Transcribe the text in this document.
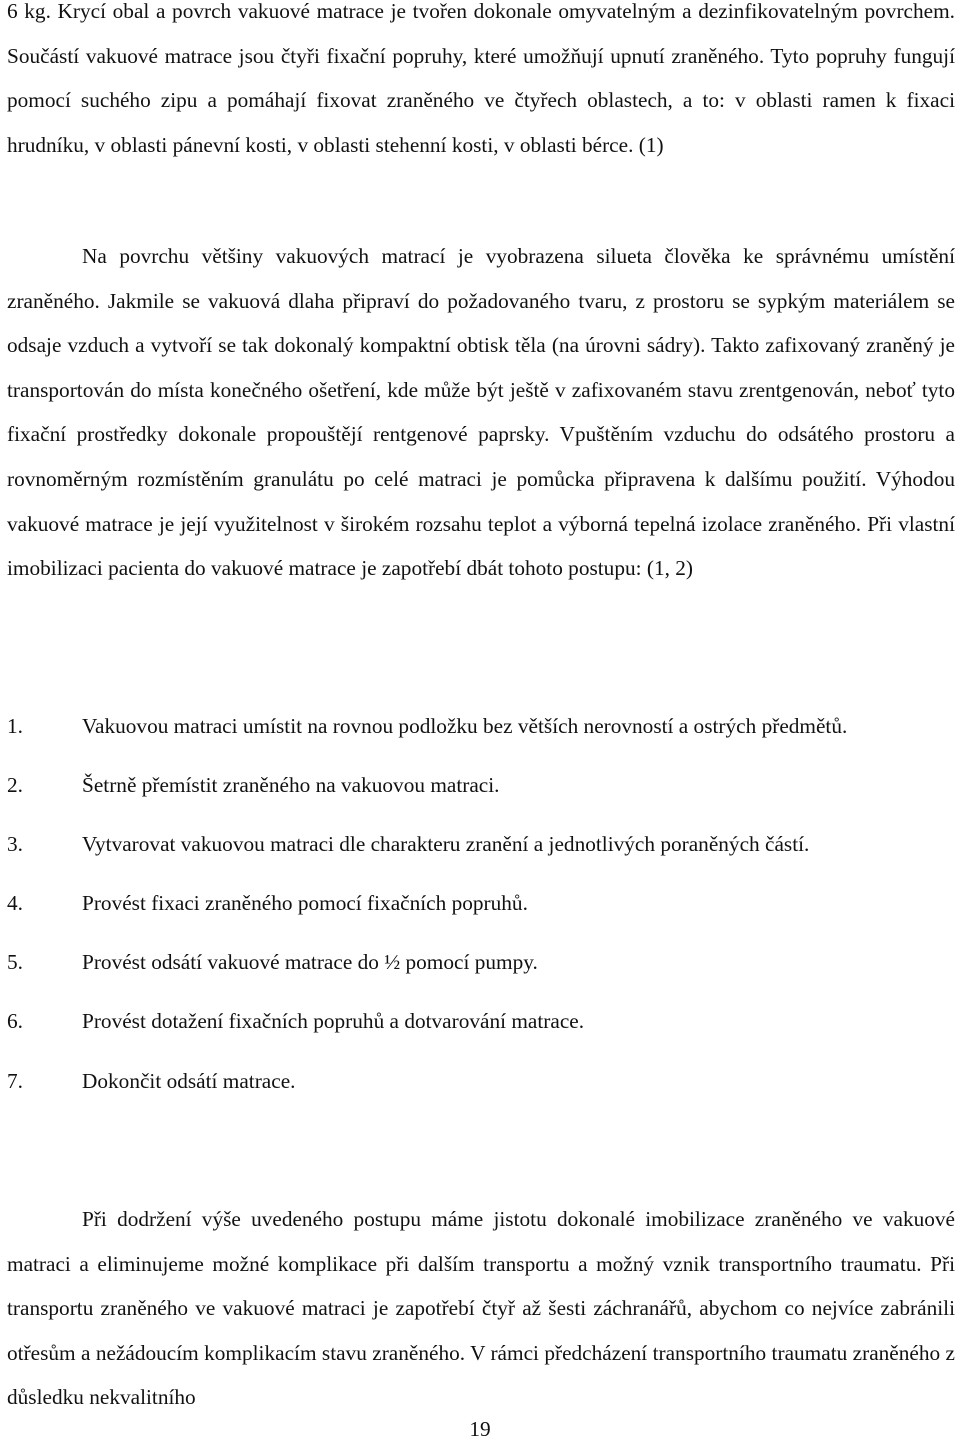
6 kg. Krycí obal a povrch vakuové matrace je tvořen dokonale omyvatelným a dezinfikovatelným povrchem. Součástí vakuové matrace jsou čtyři fixační popruhy, které umožňují upnutí zraněného. Tyto popruhy fungují pomocí suchého zipu a pomáhají fixovat zraněného ve čtyřech oblastech, a to: v oblasti ramen k fixaci hrudníku, v oblasti pánevní kosti, v oblasti stehenní kosti, v oblasti bérce. (1)

Na povrchu většiny vakuových matrací je vyobrazena silueta člověka ke správnému umístění zraněného. Jakmile se vakuová dlaha připraví do požadovaného tvaru, z prostoru se sypkým materiálem se odsaje vzduch a vytvoří se tak dokonalý kompaktní obtisk těla (na úrovni sádry). Takto zafixovaný zraněný je transportován do místa konečného ošetření, kde může být ještě v zafixovaném stavu zrentgenován, neboť tyto fixační prostředky dokonale propouštějí rentgenové paprsky. Vpuštěním vzduchu do odsátého prostoru a rovnoměrným rozmístěním granulátu po celé matraci je pomůcka připravena k dalšímu použití. Výhodou vakuové matrace je její využitelnost v širokém rozsahu teplot a výborná tepelná izolace zraněného. Při vlastní imobilizaci pacienta do vakuové matrace je zapotřebí dbát tohoto postupu: (1, 2)

1.	Vakuovou matraci umístit na rovnou podložku bez větších nerovností a ostrých předmětů.
2.	Šetrně přemístit zraněného na vakuovou matraci.
3.	Vytvarovat vakuovou matraci dle charakteru zranění a jednotlivých poraněných částí.
4.	Provést fixaci zraněného pomocí fixačních popruhů.
5.	Provést odsátí vakuové matrace do ½ pomocí pumpy.
6.	Provést dotažení fixačních popruhů a dotvarování matrace.
7.	Dokončit odsátí matrace.

Při dodržení výše uvedeného postupu máme jistotu dokonalé imobilizace zraněného ve vakuové matraci a eliminujeme možné komplikace při dalším transportu a možný vznik transportního traumatu. Při transportu zraněného ve vakuové matraci je zapotřebí čtyř až šesti záchranářů, abychom co nejvíce zabránili otřesům a nežádoucím komplikacím stavu zraněného. V rámci předcházení transportního traumatu zraněného z důsledku nekvalitního

19
